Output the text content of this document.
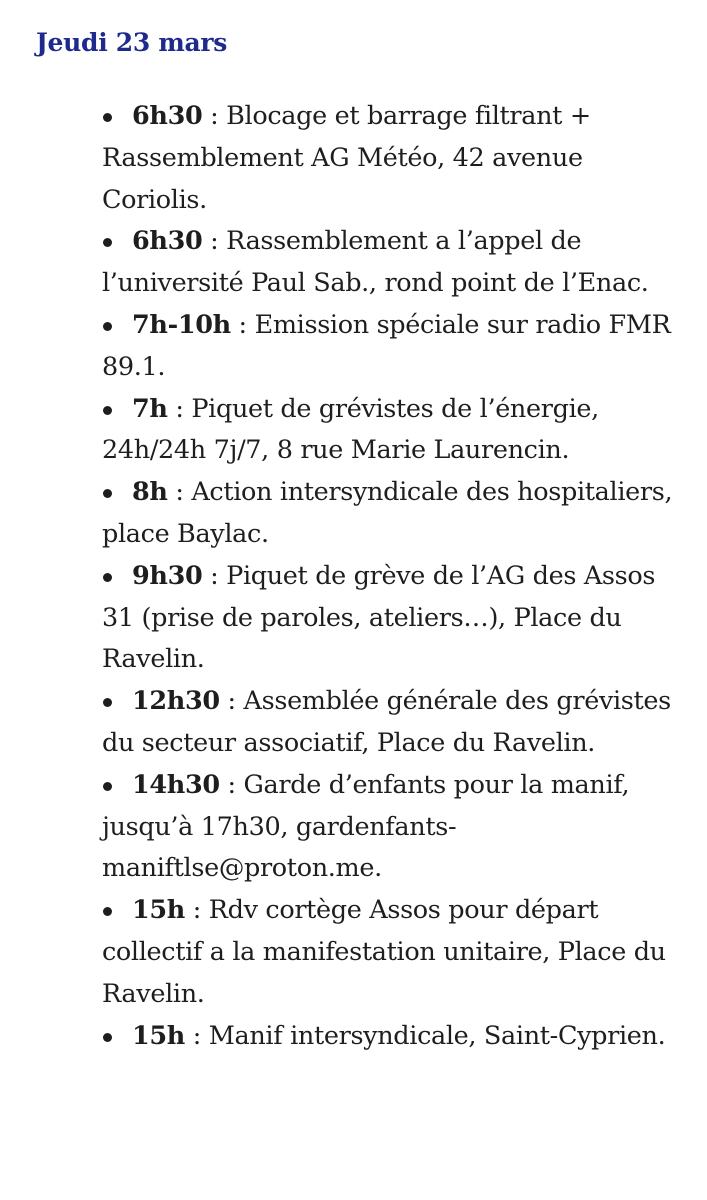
Jeudi 23 mars
6h30 : Blocage et barrage filtrant + Rassemblement AG Météo, 42 avenue Coriolis.
6h30 : Rassemblement a l’appel de l’université Paul Sab., rond point de l’Enac.
7h-10h : Emission spéciale sur radio FMR 89.1.
7h : Piquet de grévistes de l’énergie, 24h/24h 7j/7, 8 rue Marie Laurencin.
8h : Action intersyndicale des hospitaliers, place Baylac.
9h30 : Piquet de grève de l’AG des Assos 31 (prise de paroles, ateliers…), Place du Ravelin.
12h30 : Assemblée générale des grévistes du secteur associatif, Place du Ravelin.
14h30 : Garde d’enfants pour la manif, jusqu’à 17h30, gardenfants-maniftlse@proton.me.
15h : Rdv cortège Assos pour départ collectif a la manifestation unitaire, Place du Ravelin.
15h : Manif intersyndicale, Saint-Cyprien.
